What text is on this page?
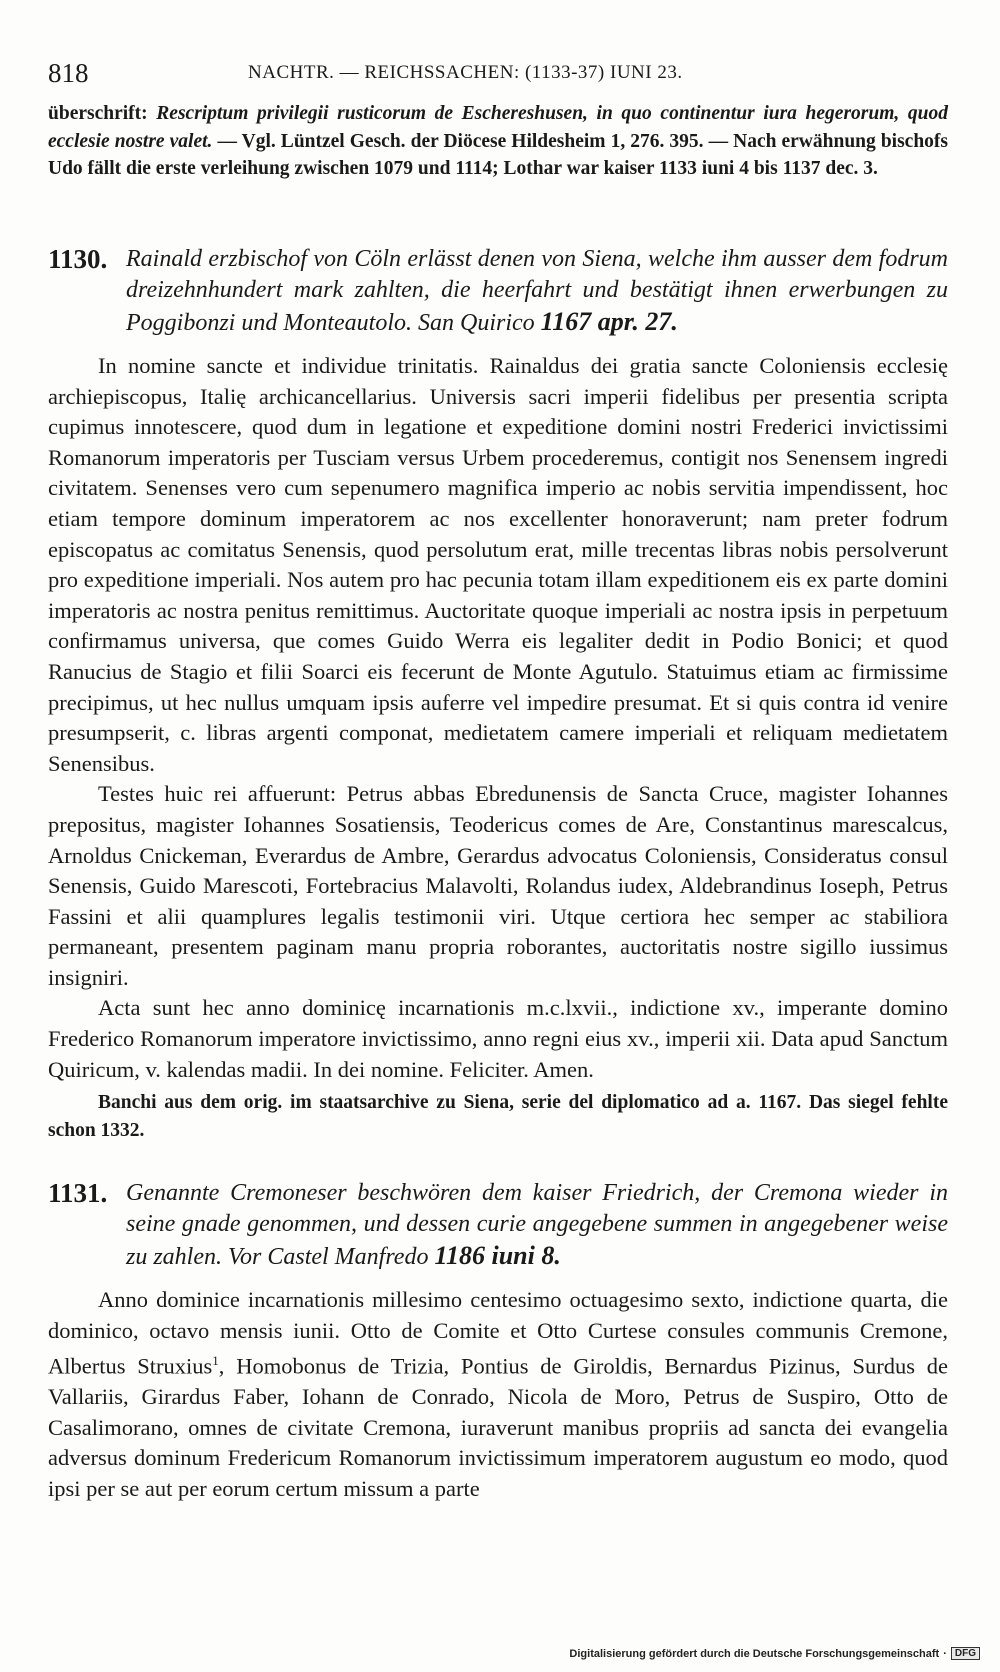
818	NACHTR. — REICHSSACHEN: (1133-37) IUNI 23.
überschrift: Rescriptum privilegii rusticorum de Eschereshusen, in quo continentur iura hegerorum, quod ecclesie nostre valet. — Vgl. Lüntzel Gesch. der Diöcese Hildesheim 1, 276. 395. — Nach erwähnung bischofs Udo fällt die erste verleihung zwischen 1079 und 1114; Lothar war kaiser 1133 iuni 4 bis 1137 dec. 3.
1130. Rainald erzbischof von Cöln erlässt denen von Siena, welche ihm ausser dem fodrum dreizehnhundert mark zahlten, die heerfahrt und bestätigt ihnen erwerbungen zu Poggibonzi und Monteautolo. San Quirico 1167 apr. 27.

In nomine sancte et individue trinitatis. Rainaldus dei gratia sancte Coloniensis ecclesię archiepiscopus, Italię archicancellarius. Universis sacri imperii fidelibus per presentia scripta cupimus innotescere, quod dum in legatione et expeditione domini nostri Frederici invictissimi Romanorum imperatoris per Tusciam versus Urbem procederemus, contigit nos Senensem ingredi civitatem. Senenses vero cum sepenumero magnifica imperio ac nobis servitia impendissent, hoc etiam tempore dominum imperatorem ac nos excellenter honoraverunt; nam preter fodrum episcopatus ac comitatus Senensis, quod persolutum erat, mille trecentas libras nobis persolverunt pro expeditione imperiali. Nos autem pro hac pecunia totam illam expeditionem eis ex parte domini imperatoris ac nostra penitus remittimus. Auctoritate quoque imperiali ac nostra ipsis in perpetuum confirmamus universa, que comes Guido Werra eis legaliter dedit in Podio Bonici; et quod Ranucius de Stagio et filii Soarci eis fecerunt de Monte Agutulo. Statuimus etiam ac firmissime precipimus, ut hec nullus umquam ipsis auferre vel impedire presumat. Et si quis contra id venire presumpserit, c. libras argenti componat, medietatem camere imperiali et reliquam medietatem Senensibus.

Testes huic rei affuerunt: Petrus abbas Ebredunensis de Sancta Cruce, magister Iohannes prepositus, magister Iohannes Sosatiensis, Teodericus comes de Are, Constantinus marescalcus, Arnoldus Cnickeman, Everardus de Ambre, Gerardus advocatus Coloniensis, Consideratus consul Senensis, Guido Marescoti, Fortebracius Malavolti, Rolandus iudex, Aldebrandinus Ioseph, Petrus Fassini et alii quamplures legalis testimonii viri. Utque certiora hec semper ac stabiliora permaneant, presentem paginam manu propria roborantes, auctoritatis nostre sigillo iussimus insigniri.

Acta sunt hec anno dominicę incarnationis m.c.lxvii., indictione xv., imperante domino Frederico Romanorum imperatore invictissimo, anno regni eius xv., imperii xii. Data apud Sanctum Quiricum, v. kalendas madii. In dei nomine. Feliciter. Amen.

Banchi aus dem orig. im staatsarchive zu Siena, serie del diplomatico ad a. 1167. Das siegel fehlte schon 1332.
1131. Genannte Cremoneser beschwören dem kaiser Friedrich, der Cremona wieder in seine gnade genommen, und dessen curie angegebene summen in angegebener weise zu zahlen. Vor Castel Manfredo 1186 iuni 8.

Anno dominice incarnationis millesimo centesimo octuagesimo sexto, indictione quarta, die dominico, octavo mensis iunii. Otto de Comite et Otto Curtese consules communis Cremone, Albertus Struxius$^1$, Homobonus de Trizia, Pontius de Giroldis, Bernardus Pizinus, Surdus de Vallariis, Girardus Faber, Iohann de Conrado, Nicola de Moro, Petrus de Suspiro, Otto de Casalimorano, omnes de civitate Cremona, iuraverunt manibus propriis ad sancta dei evangelia adversus dominum Fredericum Romanorum invictissimum imperatorem augustum eo modo, quod ipsi per se aut per eorum certum missum a parte

Digitalisierung gefördert durch die Deutsche Forschungsgemeinschaft · DFG
